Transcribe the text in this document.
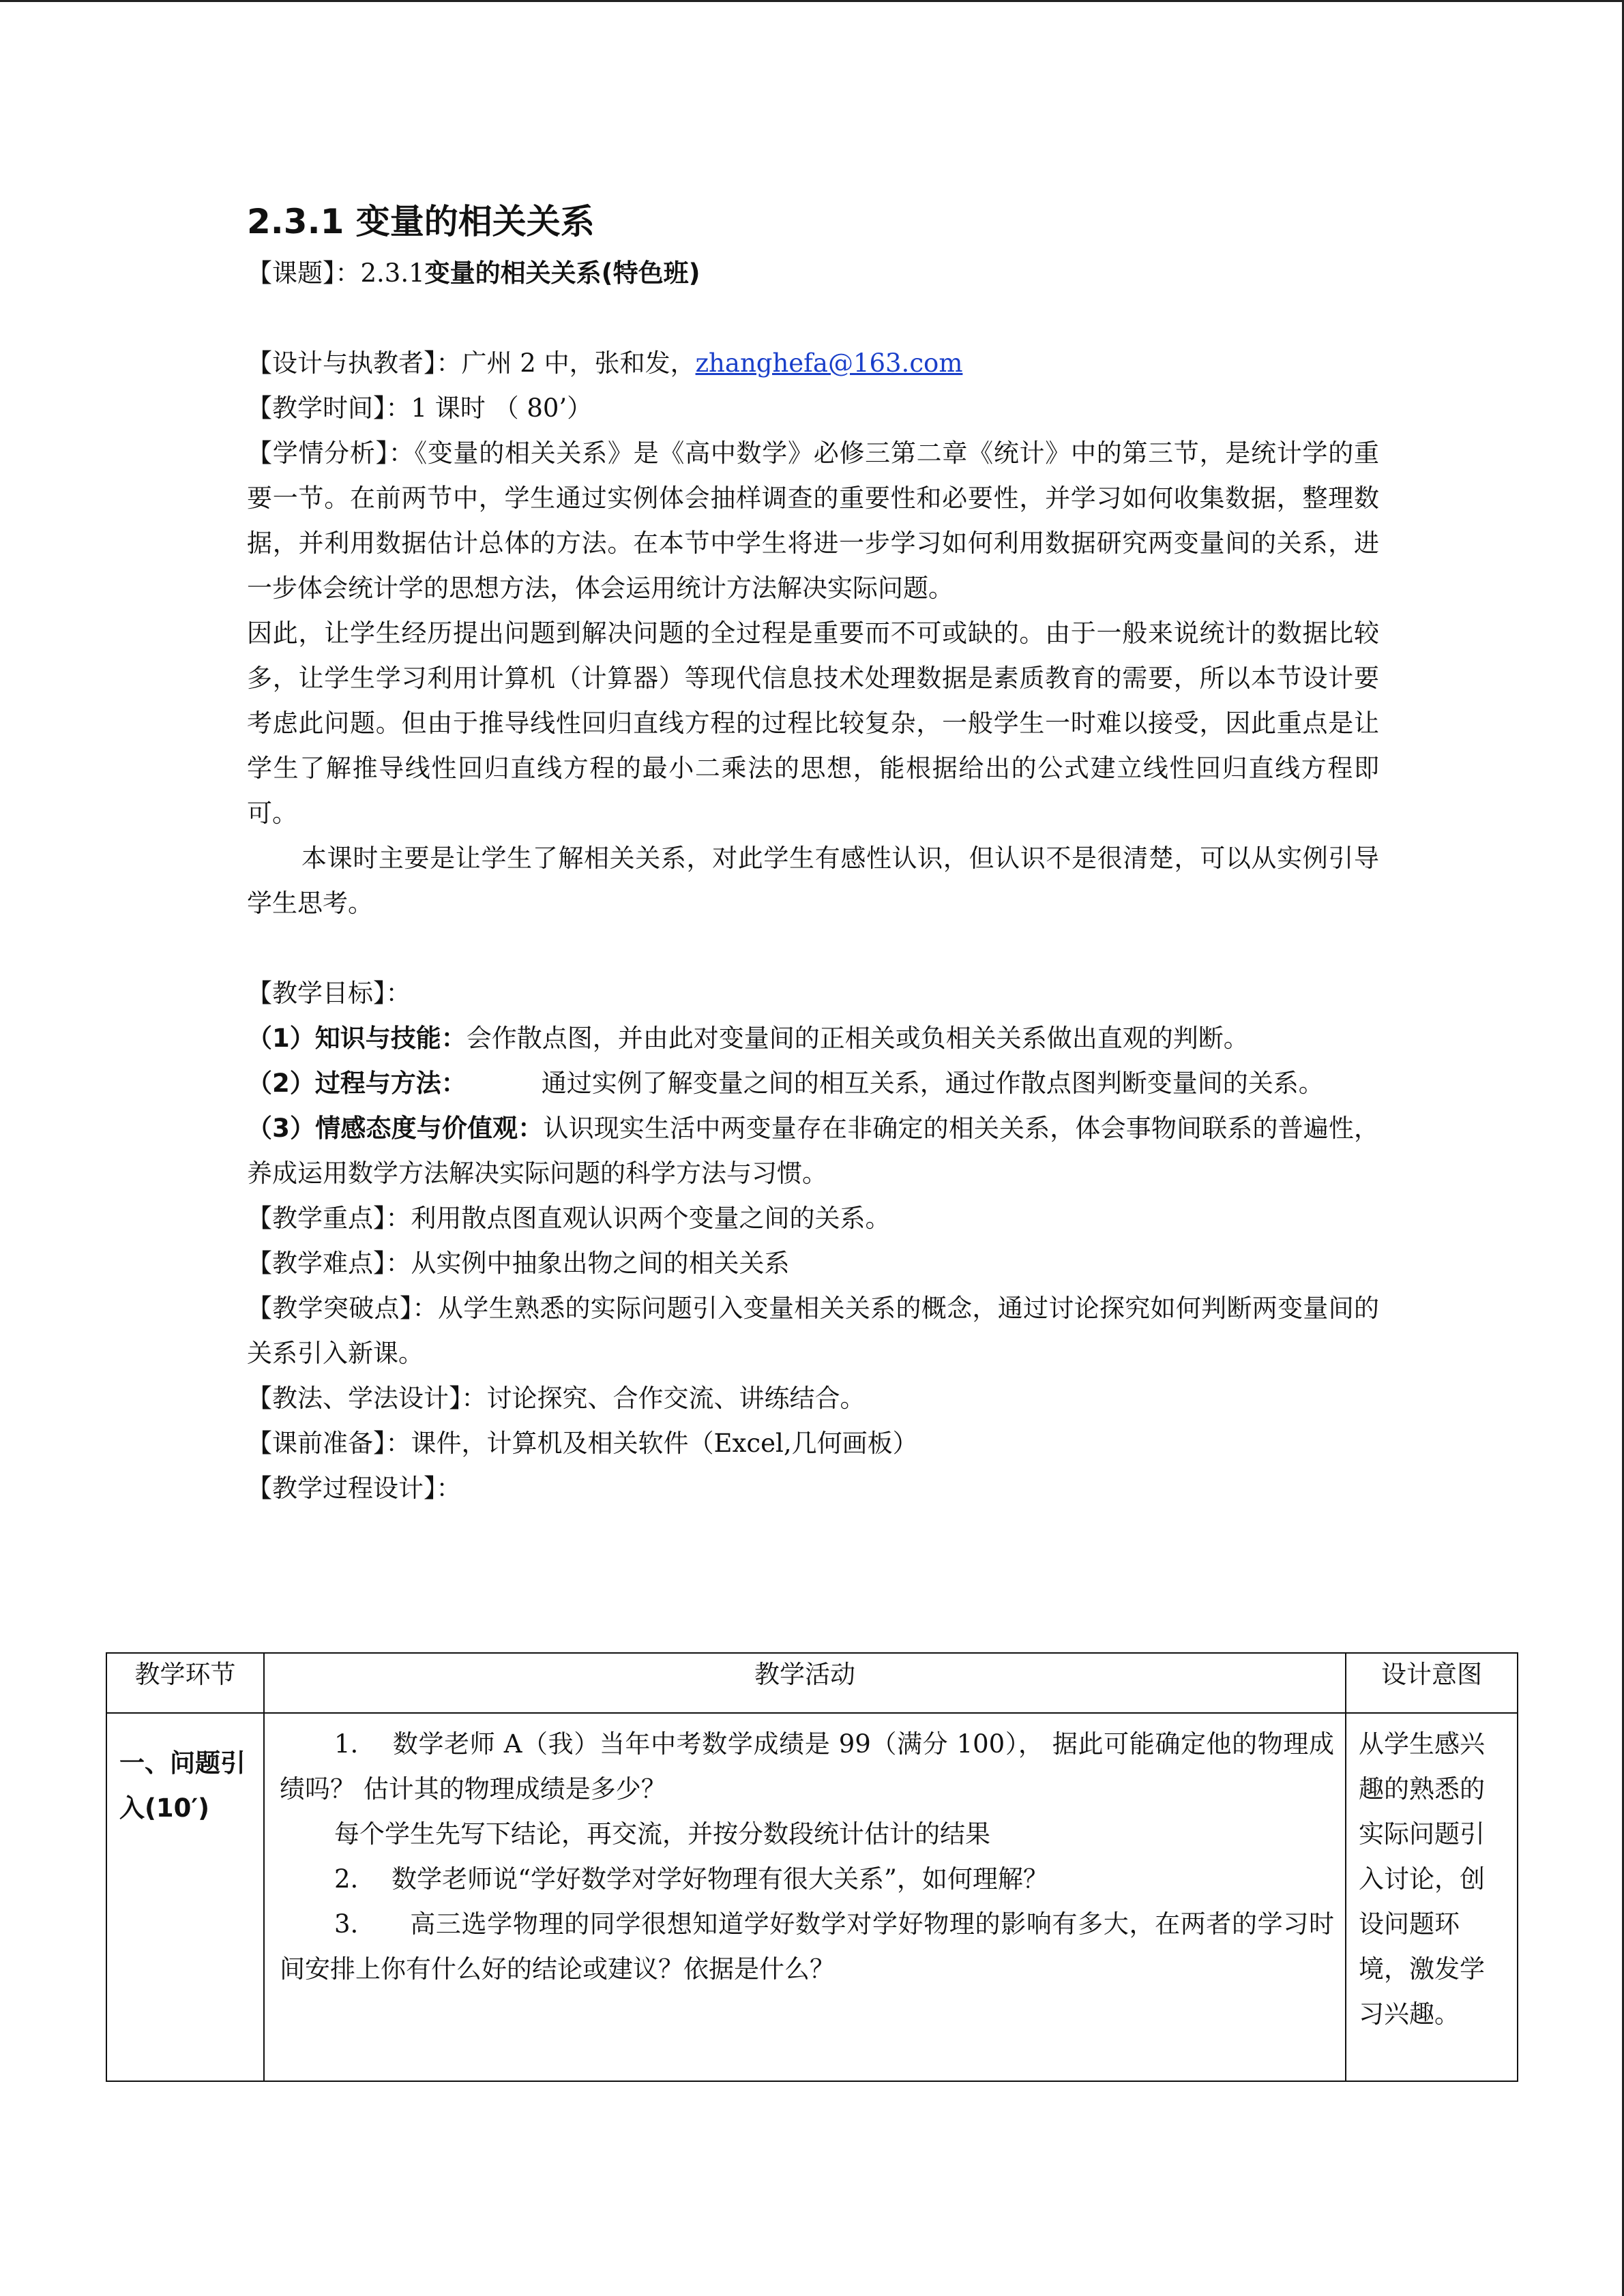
2.3.1 变量的相关关系

【课题】：2.3.1变量的相关关系(特色班)

【设计与执教者】：广州 2 中，张和发，zhanghefa@163.com

【教学时间】：1 课时 （ 80’）

【学情分析】：《变量的相关关系》是《高中数学》必修三第二章《统计》中的第三节，是统计学的重要一节。在前两节中，学生通过实例体会抽样调查的重要性和必要性，并学习如何收集数据，整理数据，并利用数据估计总体的方法。在本节中学生将进一步学习如何利用数据研究两变量间的关系，进一步体会统计学的思想方法，体会运用统计方法解决实际问题。

因此，让学生经历提出问题到解决问题的全过程是重要而不可或缺的。由于一般来说统计的数据比较多，让学生学习利用计算机（计算器）等现代信息技术处理数据是素质教育的需要，所以本节设计要考虑此问题。但由于推导线性回归直线方程的过程比较复杂，一般学生一时难以接受，因此重点是让学生了解推导线性回归直线方程的最小二乘法的思想，能根据给出的公式建立线性回归直线方程即可。

本课时主要是让学生了解相关关系，对此学生有感性认识，但认识不是很清楚，可以从实例引导学生思考。

【教学目标】：

（1）知识与技能：会作散点图，并由此对变量间的正相关或负相关关系做出直观的判断。

（2）过程与方法：	通过实例了解变量之间的相互关系，通过作散点图判断变量间的关系。

（3）情感态度与价值观：认识现实生活中两变量存在非确定的相关关系，体会事物间联系的普遍性，养成运用数学方法解决实际问题的科学方法与习惯。

【教学重点】：利用散点图直观认识两个变量之间的关系。

【教学难点】：从实例中抽象出物之间的相关关系

【教学突破点】：从学生熟悉的实际问题引入变量相关关系的概念，通过讨论探究如何判断两变量间的关系引入新课。

【教法、学法设计】：讨论探究、合作交流、讲练结合。

【课前准备】：课件，计算机及相关软件（Excel,几何画板）

【教学过程设计】：

教学环节	教学活动	设计意图
一、问题引入(10′)	1.　 数学老师 A（我）当年中考数学成绩是 99（满分 100）， 据此可能确定他的物理成绩吗？ 估计其的物理成绩是多少？

每个学生先写下结论，再交流，并按分数段统计估计的结果

2.　 数学老师说“学好数学对学好物理有很大关系”，如何理解？

3.　　高三选学物理的同学很想知道学好数学对学好物理的影响有多大，在两者的学习时间安排上你有什么好的结论或建议？依据是什么？	从学生感兴趣的熟悉的实际问题引入讨论，创设问题环境，激发学习兴趣。
